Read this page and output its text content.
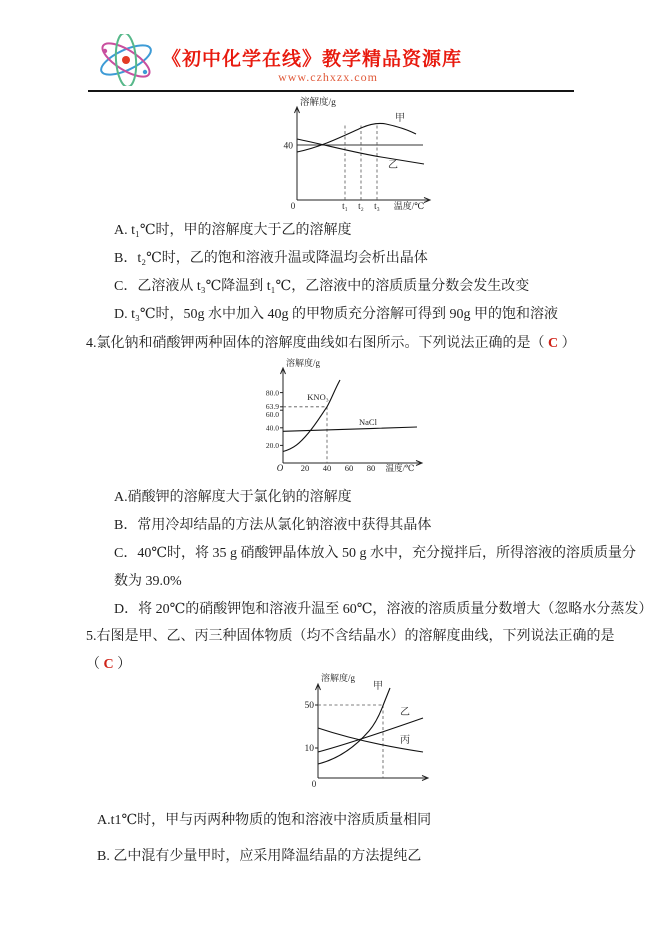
《初中化学在线》教学精品资源库
www.czhxzx.com
溶解度/g
40
甲
乙
0	t₁ t₂ t₃ 温度/℃
A. t₁℃时，甲的溶解度大于乙的溶解度
B．t₂℃时，乙的饱和溶液升温或降温均会析出晶体
C．乙溶液从 t₃℃降温到 t₁℃，乙溶液中的溶质质量分数会发生改变
D. t₃℃时，50g 水中加入 40g 的甲物质充分溶解可得到 90g 甲的饱和溶液
4.氯化钠和硝酸钾两种固体的溶解度曲线如右图所示。下列说法正确的是（ C ）
溶解度/g
80.0
63.9
60.0
40.0
20.0
KNO₃
NaCl
O 20 40 60 80 温度/℃
A.硝酸钾的溶解度大于氯化钠的溶解度
B．常用冷却结晶的方法从氯化钠溶液中获得其晶体
C．40℃时，将 35 g 硝酸钾晶体放入 50 g 水中，充分搅拌后，所得溶液的溶质质量分
数为 39.0%
D．将 20℃的硝酸钾饱和溶液升温至 60℃，溶液的溶质质量分数增大（忽略水分蒸发）
5.右图是甲、乙、丙三种固体物质（均不含结晶水）的溶解度曲线，下列说法正确的是
（ C ）
溶解度/g
50
10
甲
乙
丙
0
A.t1℃时，甲与丙两种物质的饱和溶液中溶质质量相同
B. 乙中混有少量甲时，应采用降温结晶的方法提纯乙
